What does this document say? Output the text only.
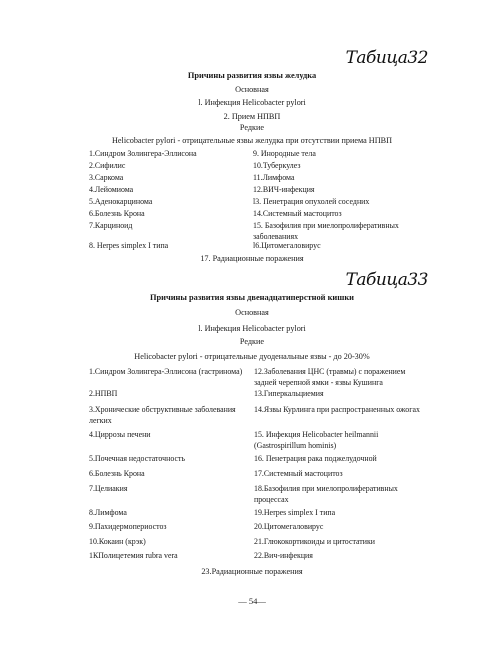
Табица32
Причины развития язвы желудка
Основная
l. Инфекция Helicobacter pylori
2. Прием НПВП
Редкие
Helicobacter pylori - отрицательные язвы желудка при отсутствии приема НПВП
1.Синдром Золингера-Эллисона
2.Сифилис
3.Саркома
4.Лейомиома
5.Аденокарцинома
6.Болезнь Крона
7.Карциноид
8. Herpes simplex I типа
9. Инородные тела
10.Туберкулез
11.Лимфома
12.ВИЧ-инфекция
l3. Пенетрация опухолей соседних
14.Системный мастоцитоз
15. Базофилия при миелопролиферативных заболеваниях
l6.Цитомегаловирус
17. Радиационные поражения
Табица33
Причины развития язвы двенадцатиперстной кишки
Основная
l. Инфекция Helicobacter pylori
Редкие
Helicobacter pylori - отрицательные дуоденальные язвы - до 20-30%
1.Синдром Золингера-Эллисона (гастринома)
2.НПВП
3.Хронические обструктивные заболевания легких
4.Циррозы печени
5.Почечная недостаточность
6.Болезнь Крона
7.Целиакия
8.Лимфома
9.Пахидермопериостоз
10.Кокаин (крэк)
1КПолицетемия rubra vera
12.Заболевания ЦНС (травмы) с поражением задней черепной ямки - язвы Кушинга
13.Гиперкальциемия
14.Язвы Курлинга при распространенных ожогах
15. Инфекция Helicobacter heilmannii (Gastrospirillum hominis)
16. Пенетрация рака поджелудочной
17.Системный мастоцитоз
18.Базофилия при миелопролиферативных процессах
19.Herpes simplex I типа
20.Цитомегаловирус
21.Глюкокортикоиды и цитостатики
22.Вич-инфекция
23.Радиационные поражения
— 54—
